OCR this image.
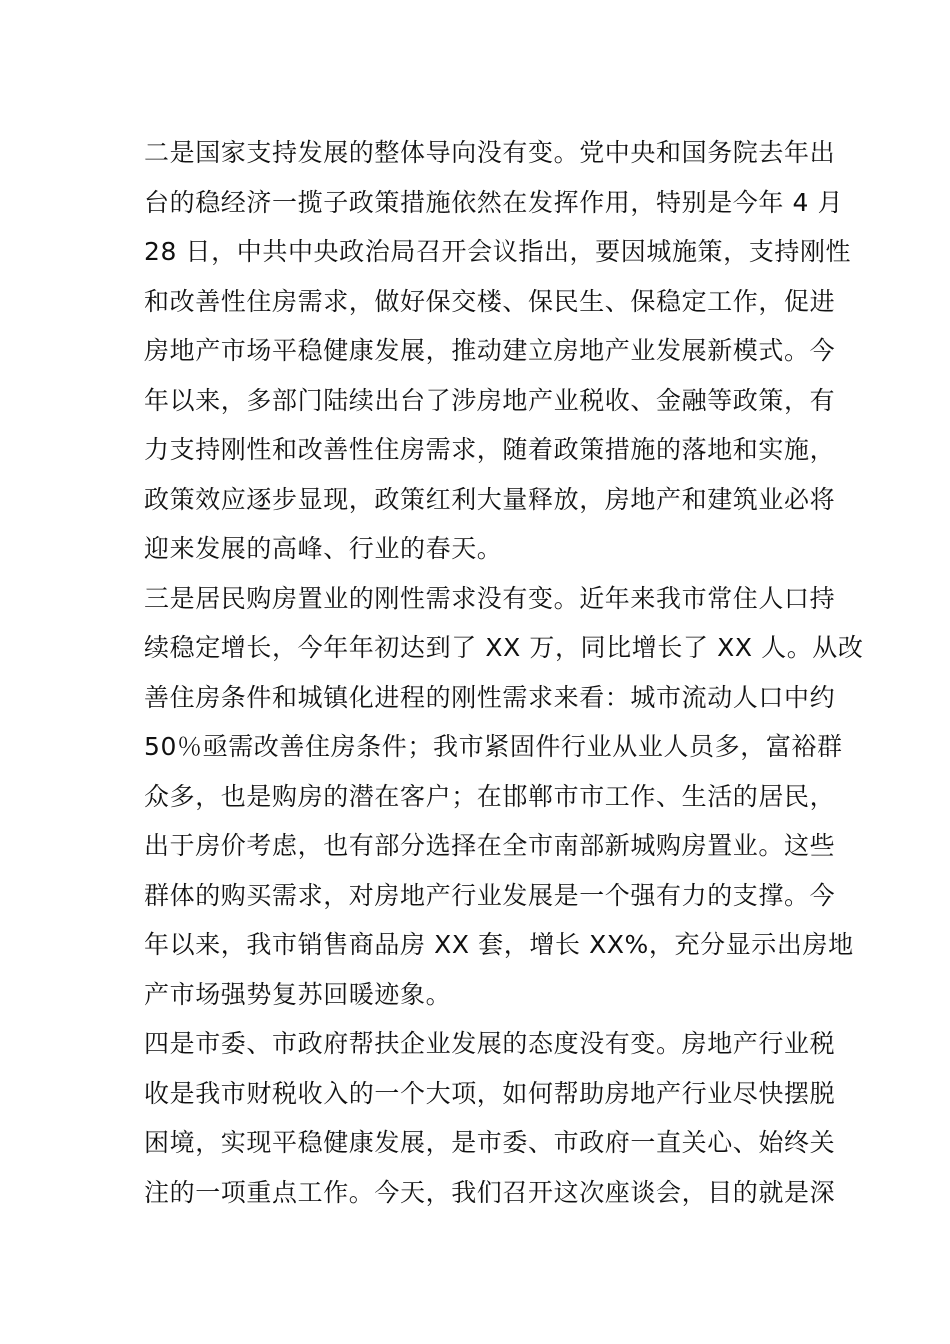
二是国家支持发展的整体导向没有变。党中央和国务院去年出
台的稳经济一揽子政策措施依然在发挥作用，特别是今年 4 月
28 日，中共中央政治局召开会议指出，要因城施策，支持刚性
和改善性住房需求，做好保交楼、保民生、保稳定工作，促进
房地产市场平稳健康发展，推动建立房地产业发展新模式。今
年以来，多部门陆续出台了涉房地产业税收、金融等政策，有
力支持刚性和改善性住房需求，随着政策措施的落地和实施，
政策效应逐步显现，政策红利大量释放，房地产和建筑业必将
迎来发展的高峰、行业的春天。
三是居民购房置业的刚性需求没有变。近年来我市常住人口持
续稳定增长，今年年初达到了 XX 万，同比增长了 XX 人。从改
善住房条件和城镇化进程的刚性需求来看：城市流动人口中约
50％亟需改善住房条件；我市紧固件行业从业人员多，富裕群
众多，也是购房的潜在客户；在邯郸市市工作、生活的居民，
出于房价考虑，也有部分选择在全市南部新城购房置业。这些
群体的购买需求，对房地产行业发展是一个强有力的支撑。今
年以来，我市销售商品房 XX 套，增长 XX%，充分显示出房地
产市场强势复苏回暖迹象。
四是市委、市政府帮扶企业发展的态度没有变。房地产行业税
收是我市财税收入的一个大项，如何帮助房地产行业尽快摆脱
困境，实现平稳健康发展，是市委、市政府一直关心、始终关
注的一项重点工作。今天，我们召开这次座谈会，目的就是深
